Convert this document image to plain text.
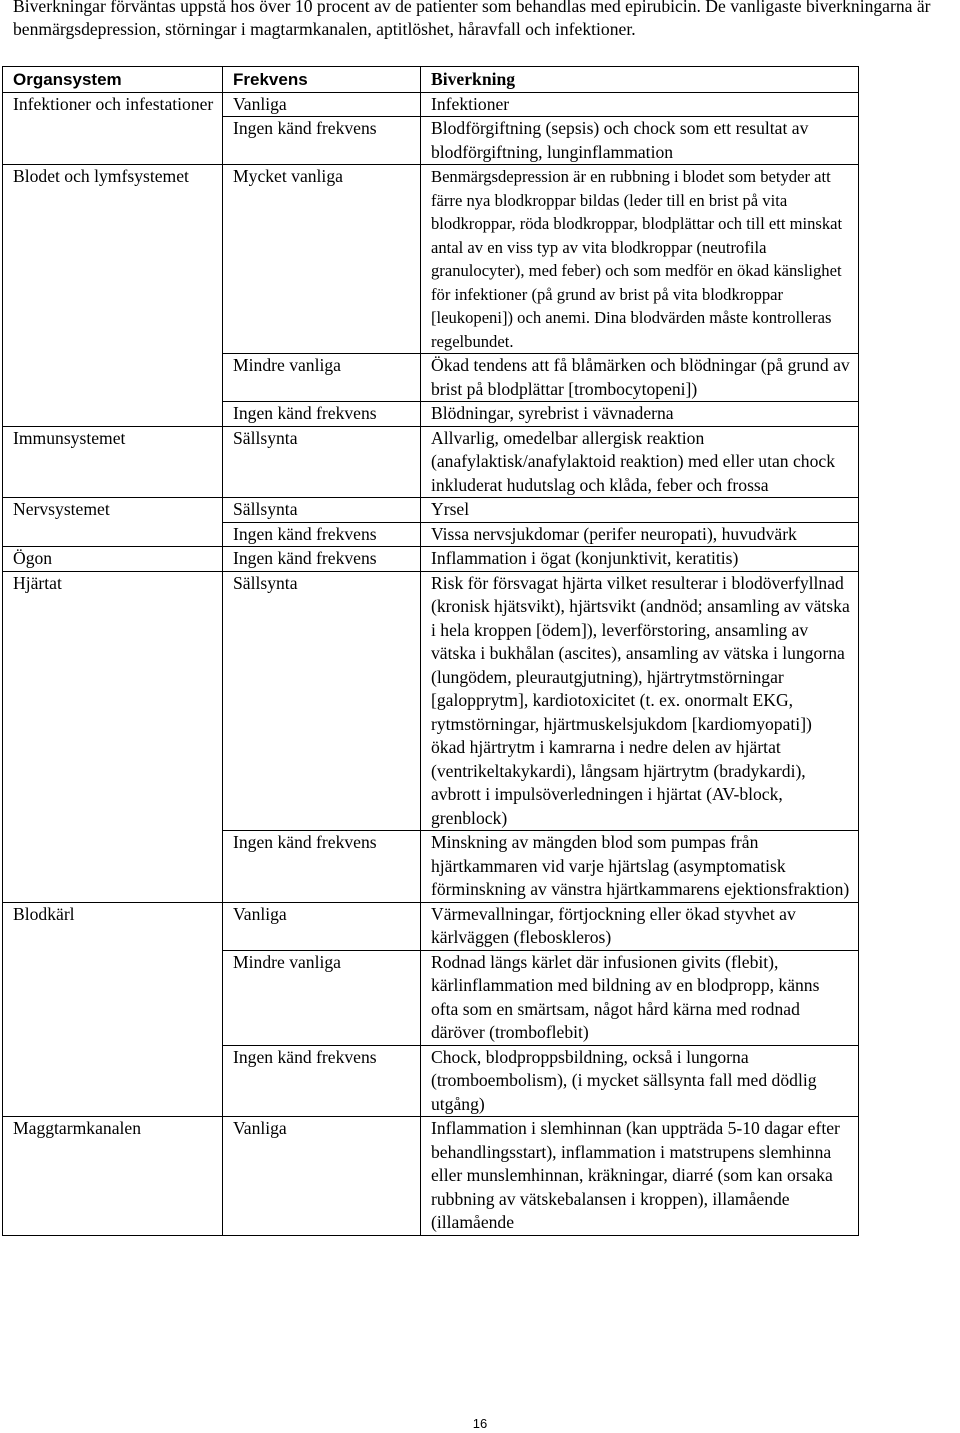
Biverkningar förväntas uppstå hos över 10 procent av de patienter som behandlas med epirubicin. De vanligaste biverkningarna är benmärgsdepression, störningar i magtarmkanalen, aptitlöshet, håravfall och infektioner.
Organsystem	Frekvens	Biverkning
Infektioner och infestationer	Vanliga	Infektioner
	Ingen känd frekvens	Blodförgiftning (sepsis) och chock som ett resultat av blodförgiftning, lunginflammation
Blodet och lymfsystemet	Mycket vanliga	Benmärgsdepression är en rubbning i blodet som betyder att färre nya blodkroppar bildas (leder till en brist på vita blodkroppar, röda blodkroppar, blodplättar och till ett minskat antal av en viss typ av vita blodkroppar (neutrofila granulocyter), med feber) och som medför en ökad känslighet för infektioner (på grund av brist på vita blodkroppar [leukopeni]) och anemi. Dina blodvärden måste kontrolleras regelbundet.
	Mindre vanliga	Ökad tendens att få blåmärken och blödningar (på grund av brist på blodplättar [trombocytopeni])
	Ingen känd frekvens	Blödningar, syrebrist i vävnaderna
Immunsystemet	Sällsynta	Allvarlig, omedelbar allergisk reaktion (anafylaktisk/anafylaktoid reaktion) med eller utan chock inkluderat hudutslag och klåda, feber och frossa
Nervsystemet	Sällsynta	Yrsel
	Ingen känd frekvens	Vissa nervsjukdomar (perifer neuropati), huvudvärk
Ögon	Ingen känd frekvens	Inflammation i ögat (konjunktivit, keratitis)
Hjärtat	Sällsynta	Risk för försvagat hjärta vilket resulterar i blodöverfyllnad (kronisk hjätsvikt), hjärtsvikt (andnöd; ansamling av vätska i hela kroppen [ödem]), leverförstoring, ansamling av vätska i bukhålan (ascites), ansamling av vätska i lungorna (lungödem, pleurautgjutning), hjärtrytmstörningar [galopprytm], kardiotoxicitet (t. ex. onormalt EKG, rytmstörningar, hjärtmuskelsjukdom [kardiomyopati]) ökad hjärtrytm i kamrarna i nedre delen av hjärtat (ventrikeltakykardi), långsam hjärtrytm (bradykardi), avbrott i impulsöverledningen i hjärtat (AV-block, grenblock)
	Ingen känd frekvens	Minskning av mängden blod som pumpas från hjärtkammaren vid varje hjärtslag (asymptomatisk förminskning av vänstra hjärtkammarens ejektionsfraktion)
Blodkärl	Vanliga	Värmevallningar, förtjockning eller ökad styvhet av kärlväggen (fleboskleros)
	Mindre vanliga	Rodnad längs kärlet där infusionen givits (flebit), kärlinflammation med bildning av en blodpropp, känns ofta som en smärtsam, något hård kärna med rodnad däröver (tromboflebit)
	Ingen känd frekvens	Chock, blodproppsbildning, också i lungorna (tromboembolism), (i mycket sällsynta fall med dödlig utgång)
Maggtarmkanalen	Vanliga	Inflammation i slemhinnan (kan uppträda 5-10 dagar efter behandlingsstart), inflammation i matstrupens slemhinna eller munslemhinnan, kräkningar, diarré (som kan orsaka rubbning av vätskebalansen i kroppen), illamående (illamående
16
